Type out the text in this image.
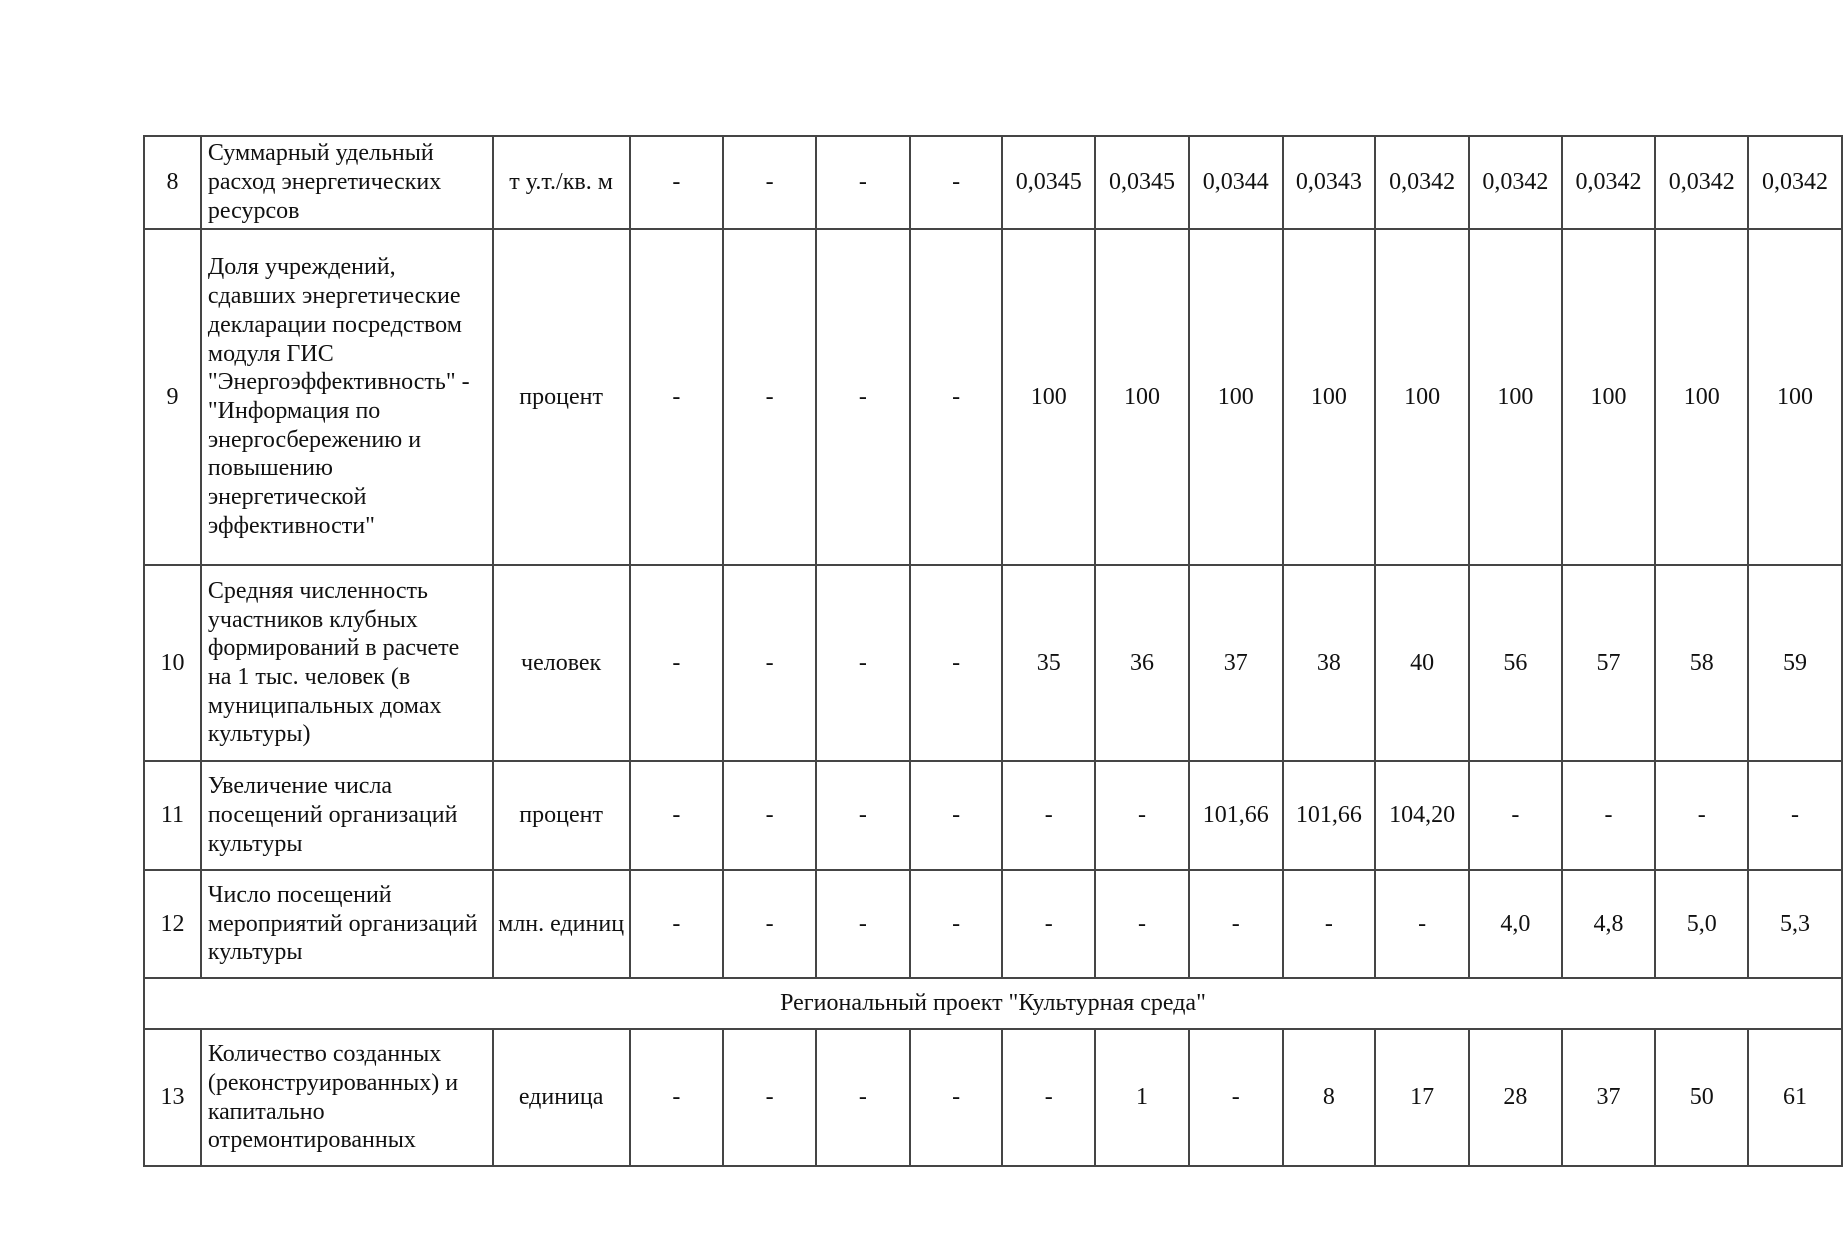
8	Суммарный удельный расход энергетических ресурсов	т у.т./кв. м	-	-	-	-	0,0345	0,0345	0,0344	0,0343	0,0342	0,0342	0,0342	0,0342	0,0342
9	Доля учреждений, сдавших энергетические декларации посредством модуля ГИС "Энергоэффективность" - "Информация по энергосбережению и повышению энергетической эффективности"	процент	-	-	-	-	100	100	100	100	100	100	100	100	100
10	Средняя численность участников клубных формирований в расчете на 1 тыс. человек (в муниципальных домах культуры)	человек	-	-	-	-	35	36	37	38	40	56	57	58	59
11	Увеличение числа посещений организаций культуры	процент	-	-	-	-	-	-	101,66	101,66	104,20	-	-	-	-
12	Число посещений мероприятий организаций культуры	млн. единиц	-	-	-	-	-	-	-	-	-	4,0	4,8	5,0	5,3
Региональный проект "Культурная среда"															
13	Количество созданных (реконструированных) и капитально отремонтированных	единица	-	-	-	-	-	1	-	8	17	28	37	50	61
